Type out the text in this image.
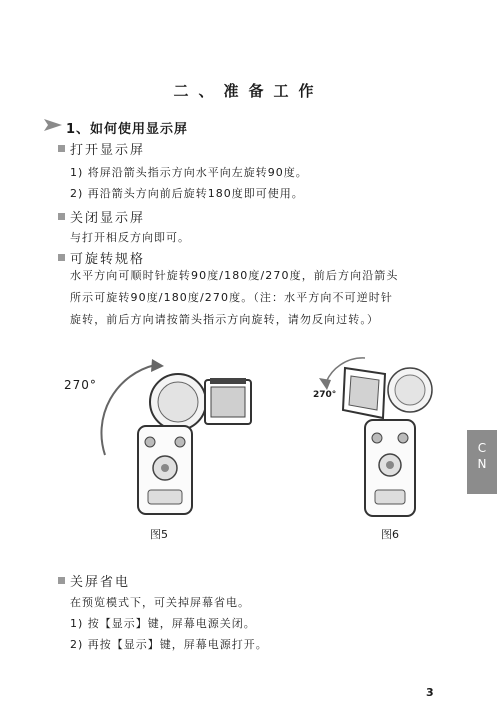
二、准备工作
1、如何使用显示屏
打开显示屏
1) 将屏沿箭头指示方向水平向左旋转90度。
2) 再沿箭头方向前后旋转180度即可使用。
关闭显示屏
与打开相反方向即可。
可旋转规格
水平方向可顺时针旋转90度/180度/270度，前后方向沿箭头
所示可旋转90度/180度/270度。（注：水平方向不可逆时针
旋转，前后方向请按箭头指示方向旋转，请勿反向过转。）
270°
图5
270°
图6
关屏省电
在预览模式下，可关掉屏幕省电。
1) 按【显示】键，屏幕电源关闭。
2) 再按【显示】键，屏幕电源打开。
C
N
3
